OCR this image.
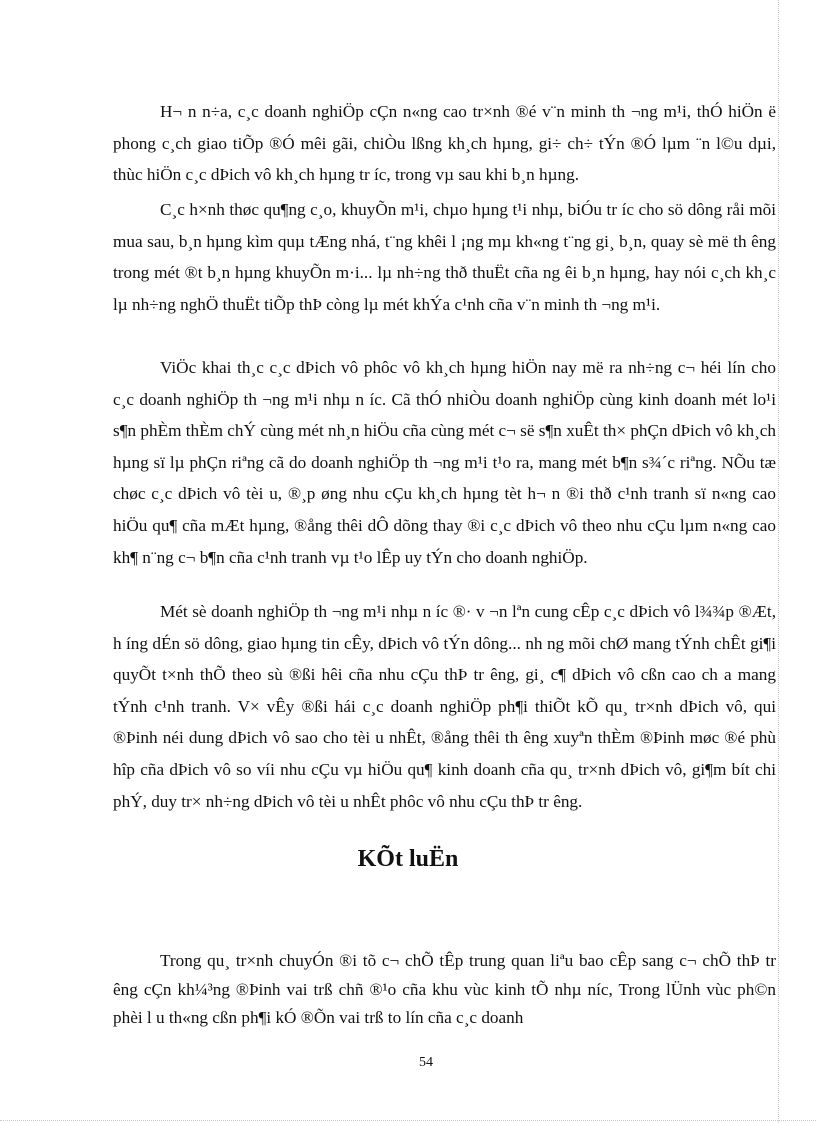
H¬ n n÷a, c¸c doanh nghiÖp cÇn n«ng cao tr×nh ®é v¨n minh th ¬ng m¹i, thÓ hiÖn ë phong c¸ch giao tiÕp ®Ó mêi gãi, chiÒu lßng kh¸ch hµng, gi÷ ch÷ tÝn ®Ó lµm ¨n l©u dµi, thùc hiÖn c¸c dÞich vô kh¸ch hµng tr íc, trong vµ sau khi b¸n hµng.

C¸c h×nh thøc qu¶ng c¸o, khuyÕn m¹i, chµo hµng t¹i nhµ, biÓu tr íc cho sö dông råi mõi mua sau, b¸n hµng kìm quµ tÆng nhá, t¨ng khêi l ¡ng mµ kh«ng t¨ng gi¸ b¸n, quay sè më th êng trong mét ®t b¸n hµng khuyÕn m·i... lµ nh÷ng thð thuËt cña ng êi b¸n hµng, hay nói c¸ch kh¸c lµ nh÷ng nghÖ thuËt tiÕp thÞ còng lµ mét khÝa c¹nh cña v¨n minh th ¬ng m¹i.

ViÖc khai th¸c c¸c dÞich vô phôc vô kh¸ch hµng hiÖn nay më ra nh÷ng c¬ héi lín cho c¸c doanh nghiÖp th ¬ng m¹i nhµ n íc. Cã thÓ nhiÒu doanh nghiÖp cùng kinh doanh mét lo¹i s¶n phÈm thÈm chÝ cùng mét nh¸n hiÖu cña cùng mét c¬ së s¶n xuÊt th× phÇn dÞich vô kh¸ch hµng sï lµ phÇn riªng cã do doanh nghiÖp th ¬ng m¹i t¹o ra, mang mét b¶n s¾´c riªng. NÕu tæ chøc c¸c dÞich vô tèi u, ®¸p øng nhu cÇu kh¸ch hµng tèt h¬ n ®i thð c¹nh tranh sï n«ng cao hiÖu qu¶ cña mÆt hµng, ®ång thêi dÔ dõng thay ®i c¸c dÞich vô theo nhu cÇu lµm n«ng cao kh¶ n¨ng c¬ b¶n cña c¹nh tranh vµ t¹o lÊp uy tÝn cho doanh nghiÖp.

Mét sè doanh nghiÖp th ¬ng m¹i nhµ n íc ®· v ¬n lªn cung cÊp c¸c dÞich vô l¾¾p ®Æt, h íng dÉn sö dông, giao hµng tin cÊy, dÞich vô tÝn dông... nh ng mõi chØ mang tÝnh chÊt gi¶i quyÕt t×nh thÕ theo sù ®ßi hêi cña nhu cÇu thÞ tr êng, gi¸ c¶ dÞich vô cßn cao ch a mang tÝnh c¹nh tranh. V× vÊy ®ßi hái c¸c doanh nghiÖp ph¶i thiÕt kÕ qu¸ tr×nh dÞich vô, qui ®Þinh néi dung dÞich vô sao cho tèi u nhÊt, ®ång thêi th êng xuyªn thÈm ®Þinh møc ®é phù hîp cña dÞich vô so víi nhu cÇu vµ hiÖu qu¶ kinh doanh cña qu¸ tr×nh dÞich vô, gi¶m bít chi phÝ, duy tr× nh÷ng dÞich vô tèi u nhÊt phôc vô nhu cÇu thÞ tr êng.

KÕt luËn

Trong qu¸ tr×nh chuyÓn ®i tõ c¬ chÕ tÊp trung quan liªu bao cÊp sang c¬ chÕ thÞ tr êng cÇn kh¼³ng ®Þinh vai trß chñ ®¹o cña khu vùc kinh tÕ nhµ níc, Trong lÜnh vùc ph©n phèi l u th«ng cßn ph¶i kÓ ®Õn vai trß to lín cña c¸c doanh

54
